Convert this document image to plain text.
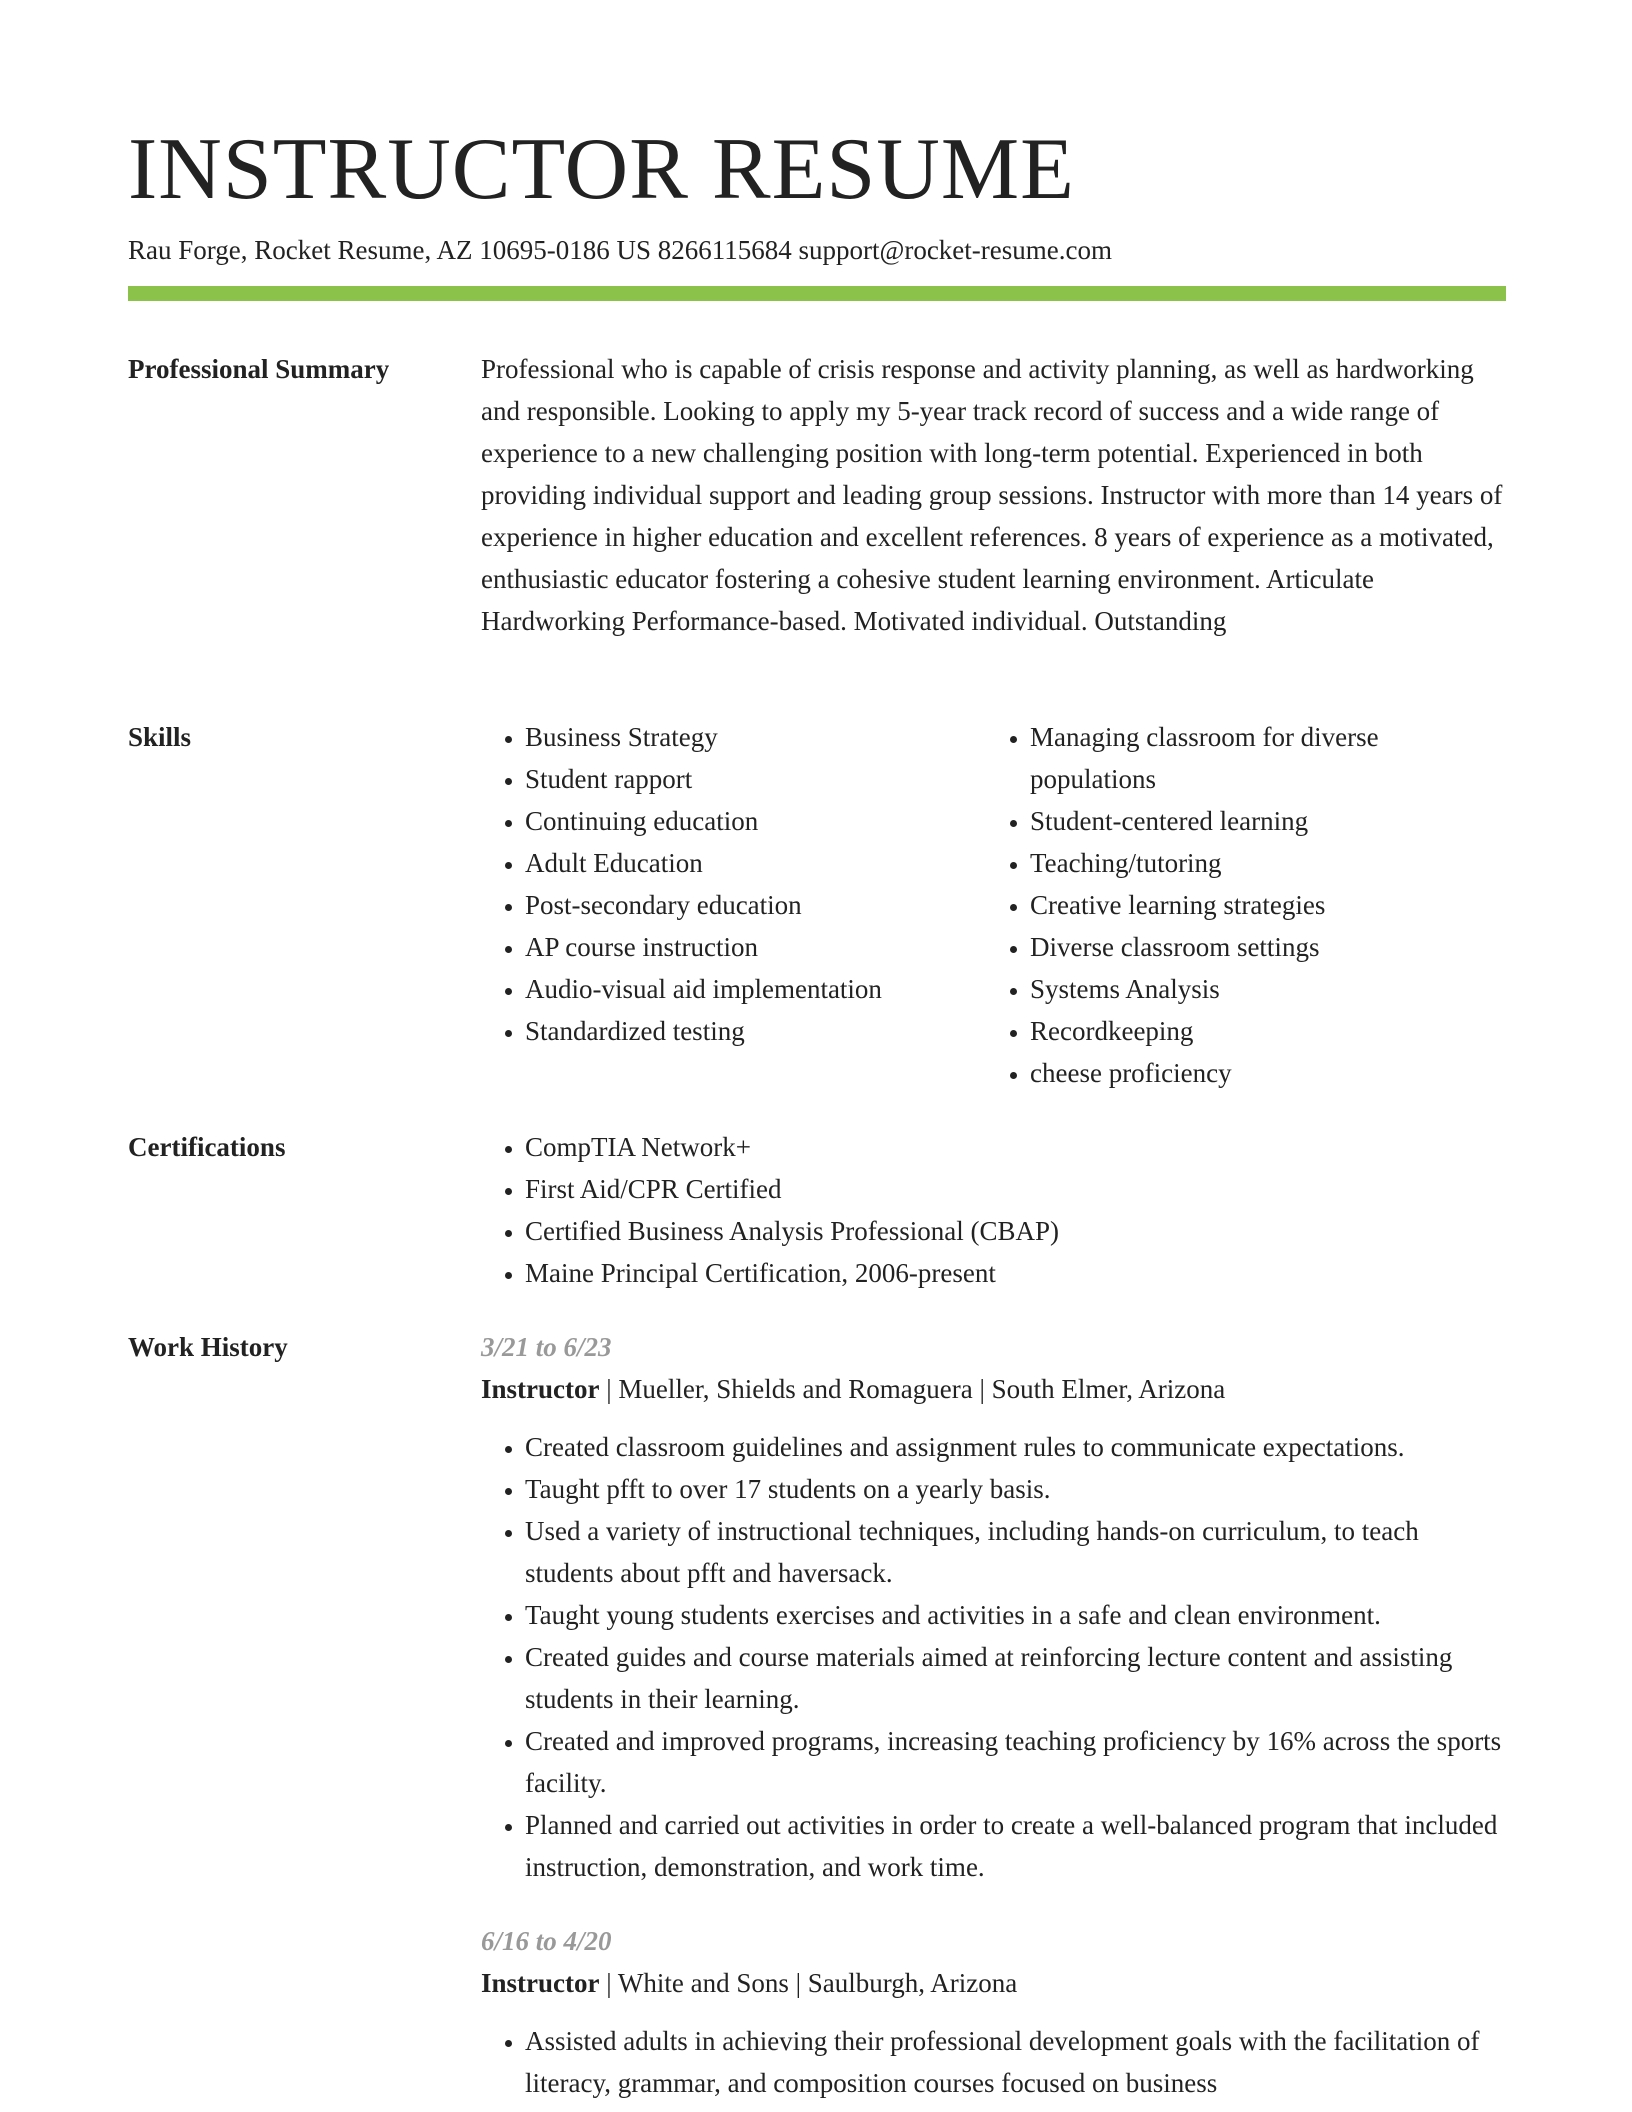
INSTRUCTOR RESUME
Rau Forge, Rocket Resume, AZ 10695-0186 US 8266115684 support@rocket-resume.com
Professional Summary	Professional who is capable of crisis response and activity planning, as well as hardworking and responsible. Looking to apply my 5-year track record of success and a wide range of experience to a new challenging position with long-term potential. Experienced in both providing individual support and leading group sessions. Instructor with more than 14 years of experience in higher education and excellent references. 8 years of experience as a motivated, enthusiastic educator fostering a cohesive student learning environment. Articulate Hardworking Performance-based. Motivated individual. Outstanding

Skills	• Business Strategy
• Student rapport
• Continuing education
• Adult Education
• Post-secondary education
• AP course instruction
• Audio-visual aid implementation
• Standardized testing
• Managing classroom for diverse populations
• Student-centered learning
• Teaching/tutoring
• Creative learning strategies
• Diverse classroom settings
• Systems Analysis
• Recordkeeping
• cheese proficiency
Certifications	• CompTIA Network+
• First Aid/CPR Certified
• Certified Business Analysis Professional (CBAP)
• Maine Principal Certification, 2006-present
Work History	3/21 to 6/23
Instructor | Mueller, Shields and Romaguera | South Elmer, Arizona
• Created classroom guidelines and assignment rules to communicate expectations.
• Taught pfft to over 17 students on a yearly basis.
• Used a variety of instructional techniques, including hands-on curriculum, to teach students about pfft and haversack.
• Taught young students exercises and activities in a safe and clean environment.
• Created guides and course materials aimed at reinforcing lecture content and assisting students in their learning.
• Created and improved programs, increasing teaching proficiency by 16% across the sports facility.
• Planned and carried out activities in order to create a well-balanced program that included instruction, demonstration, and work time.
6/16 to 4/20
Instructor | White and Sons | Saulburgh, Arizona
• Assisted adults in achieving their professional development goals with the facilitation of literacy, grammar, and composition courses focused on business
